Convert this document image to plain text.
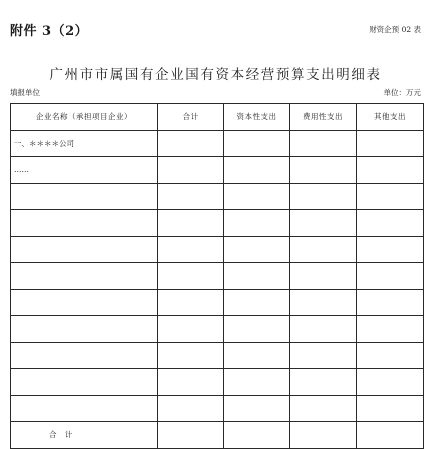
附件 3（2）	财资企预 02 表
广州市市属国有企业国有资本经营预算支出明细表
填报单位	单位：万元
企业名称（承担项目企业）	合计	资本性支出	费用性支出	其他支出
一、＊＊＊＊公司				
……				

合 计				
